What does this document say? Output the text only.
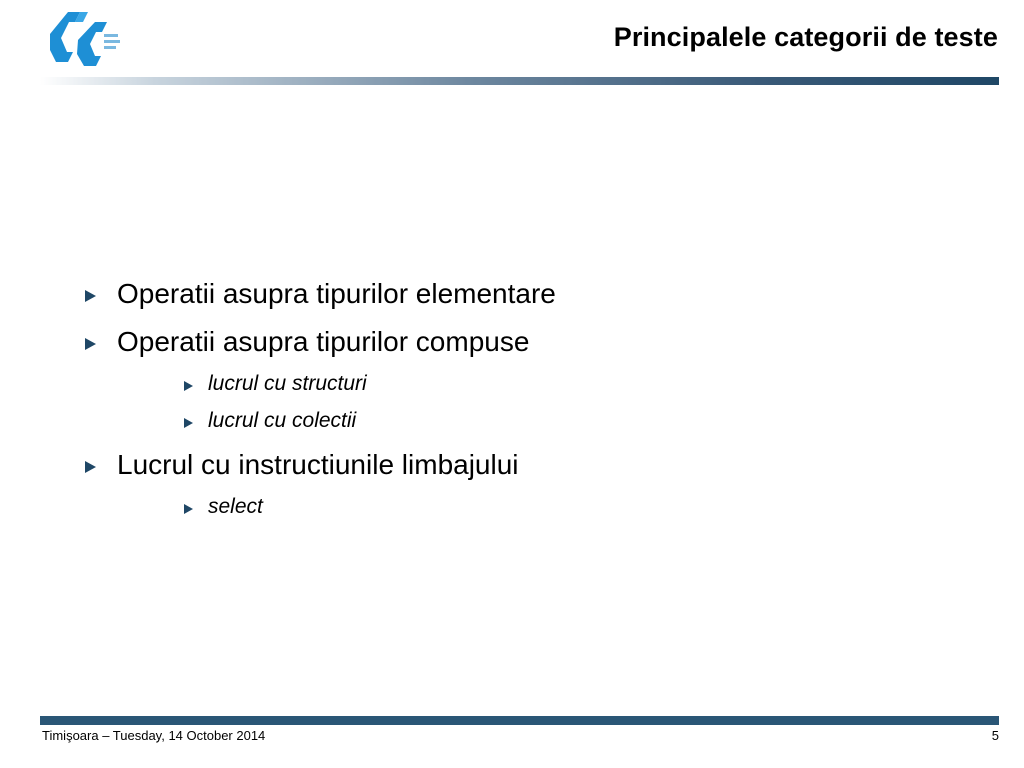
Principalele categorii de teste
Operatii asupra tipurilor elementare
Operatii asupra tipurilor compuse
lucrul cu structuri
lucrul cu colectii
Lucrul cu instructiunile limbajului
select
Timişoara – Tuesday, 14 October 2014	5
